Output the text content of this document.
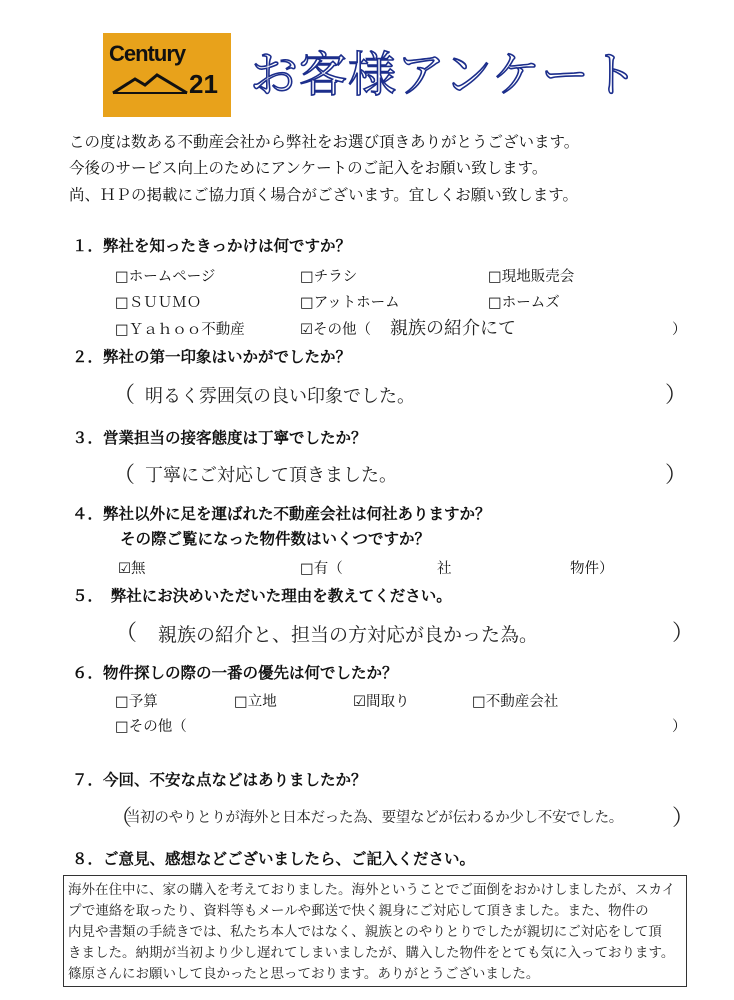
Century
21 お客様アンケート
この度は数ある不動産会社から弊社をお選び頂きありがとうございます。
今後のサービス向上のためにアンケートのご記入をお願い致します。
尚、ＨＰの掲載にご協力頂く場合がございます。宜しくお願い致します。
１．弊社を知ったきっかけは何ですか？
□ホームページ	□チラシ	□現地販売会
□ＳＵＵＭＯ	□アットホーム	□ホームズ
□Ｙａｈｏｏ不動産	☑その他（ 親族の紹介にて	）
２．弊社の第一印象はいかがでしたか？
（ 明るく雰囲気の良い印象でした。	）
３．営業担当の接客態度は丁寧でしたか？
（ 丁寧にご対応して頂きました。	）
４．弊社以外に足を運ばれた不動産会社は何社ありますか？
その際ご覧になった物件数はいくつですか？
☑無	□有（	社	物件）
５．　弊社にお決めいただいた理由を教えてください。
（ 親族の紹介と、担当の方対応が良かった為。	）
６．物件探しの際の一番の優先は何でしたか？
□予算	□立地	☑間取り	□不動産会社
□その他（	）
７．今回、不安な点などはありましたか？
（
当初のやりとりが海外と日本だった為、要望などが伝わるか少し不安でした。 ）
８．ご意見、感想などございましたら、ご記入ください。
海外在住中に、家の購入を考えておりました。海外ということでご面倒をおかけしましたが、スカイ
プで連絡を取ったり、資料等もメールや郵送で快く親身にご対応して頂きました。また、物件の
内見や書類の手続きでは、私たち本人ではなく、親族とのやりとりでしたが親切にご対応をして頂
きました。納期が当初より少し遅れてしまいましたが、購入した物件をとても気に入っております。
篠原さんにお願いして良かったと思っております。ありがとうございました。
